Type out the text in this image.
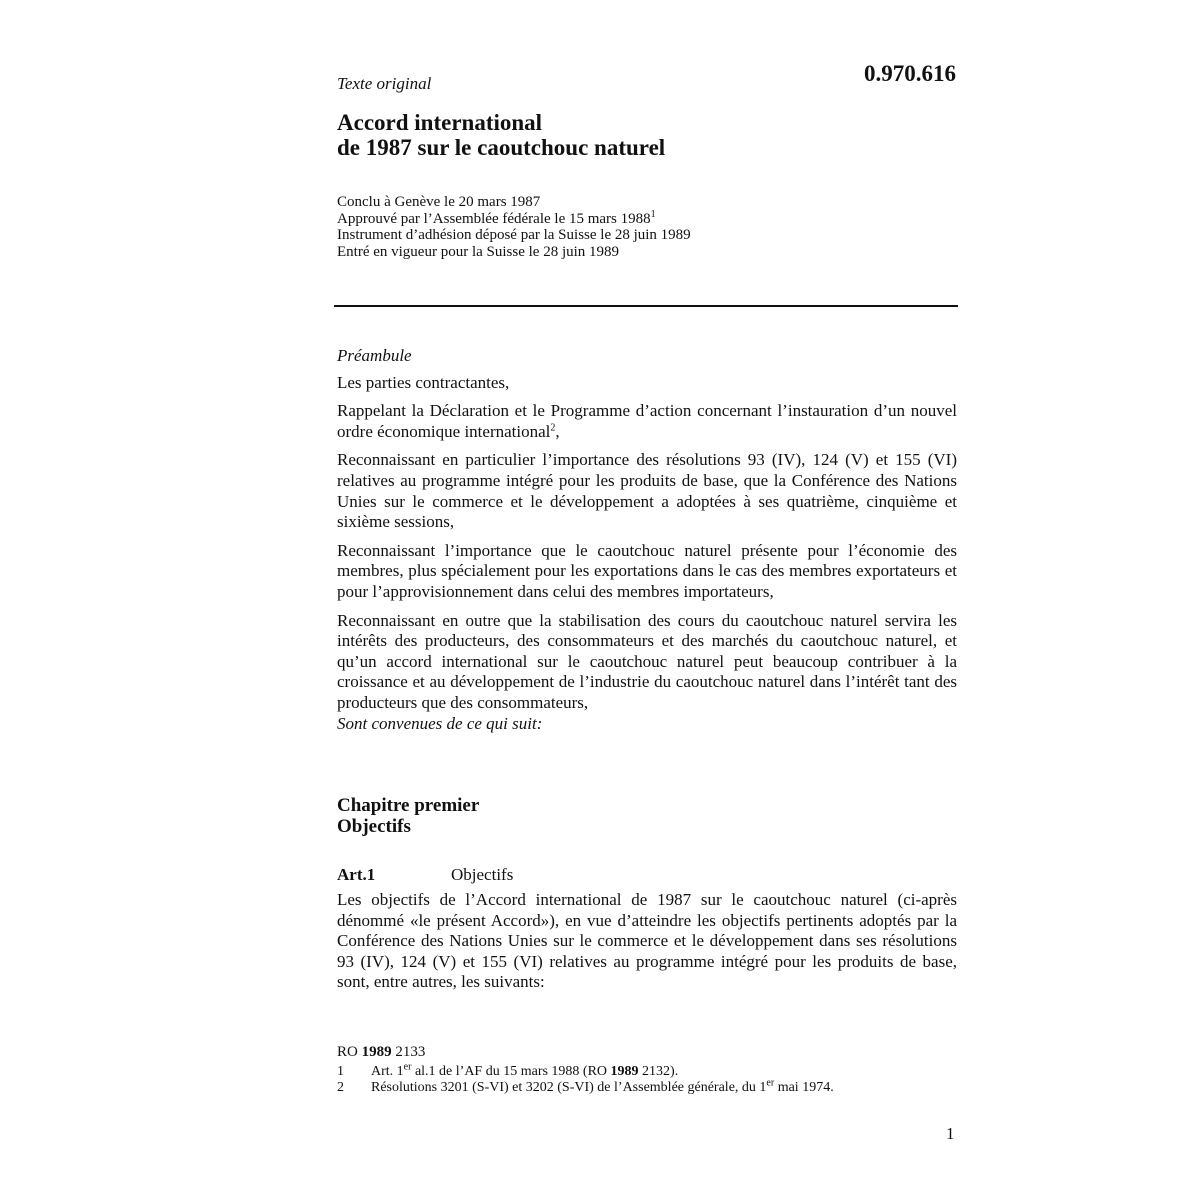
0.970.616
Texte original
Accord international
de 1987 sur le caoutchouc naturel
Conclu à Genève le 20 mars 1987
Approuvé par l’Assemblée fédérale le 15 mars 1988$^1$
Instrument d’adhésion déposé par la Suisse le 28 juin 1989
Entré en vigueur pour la Suisse le 28 juin 1989

Préambule

Les parties contractantes,

Rappelant la Déclaration et le Programme d’action concernant l’instauration d’un nouvel ordre économique international$^2$,

Reconnaissant en particulier l’importance des résolutions 93 (IV), 124 (V) et 155 (VI) relatives au programme intégré pour les produits de base, que la Conférence des Nations Unies sur le commerce et le développement a adoptées à ses quatrième, cinquième et sixième sessions,

Reconnaissant l’importance que le caoutchouc naturel présente pour l’économie des membres, plus spécialement pour les exportations dans le cas des membres exportateurs et pour l’approvisionnement dans celui des membres importateurs,

Reconnaissant en outre que la stabilisation des cours du caoutchouc naturel servira les intérêts des producteurs, des consommateurs et des marchés du caoutchouc naturel, et qu’un accord international sur le caoutchouc naturel peut beaucoup contribuer à la croissance et au développement de l’industrie du caoutchouc naturel dans l’intérêt tant des producteurs que des consommateurs,

Sont convenues de ce qui suit:

Chapitre premier
Objectifs
Art.1	Objectifs

Les objectifs de l’Accord international de 1987 sur le caoutchouc naturel (ci-après dénommé «le présent Accord»), en vue d’atteindre les objectifs pertinents adoptés par la Conférence des Nations Unies sur le commerce et le développement dans ses résolutions 93 (IV), 124 (V) et 155 (VI) relatives au programme intégré pour les produits de base, sont, entre autres, les suivants:

RO 1989 2133
1 Art. 1er al.1 de l’AF du 15 mars 1988 (RO 1989 2132).
2 Résolutions 3201 (S-VI) et 3202 (S-VI) de l’Assemblée générale, du 1er mai 1974.
1
